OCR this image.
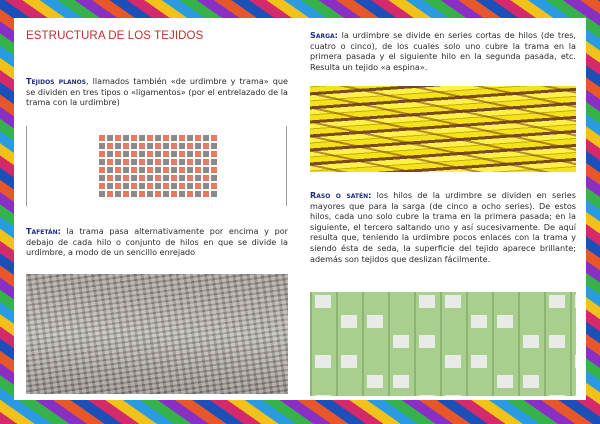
ESTRUCTURA DE LOS TEJIDOS

Tejidos planos, llamados también «de urdimbre y trama» que se dividen en tres tipos o «ligamentos» (por el entrelazado de la trama con la urdimbre)

Tafetán: la trama pasa alternativamente por encima y por debajo de cada hilo o conjunto de hilos en que se divide la urdimbre, a modo de un sencillo enrejado

Sarga: la urdimbre se divide en series cortas de hilos (de tres, cuatro o cinco), de los cuales solo uno cubre la trama en la primera pasada y el siguiente hilo en la segunda pasada, etc. Resulta un tejido «a espina».

Raso o satén: los hilos de la urdimbre se dividen en series mayores que para la sarga (de cinco a ocho series). De estos hilos, cada uno solo cubre la trama en la primera pasada; en la siguiente, el tercero saltando uno y así sucesivamente. De aquí resulta que, teniendo la urdimbre pocos enlaces con la trama y siendo ésta de seda, la superficie del tejido aparece brillante; además son tejidos que deslizan fácilmente.
